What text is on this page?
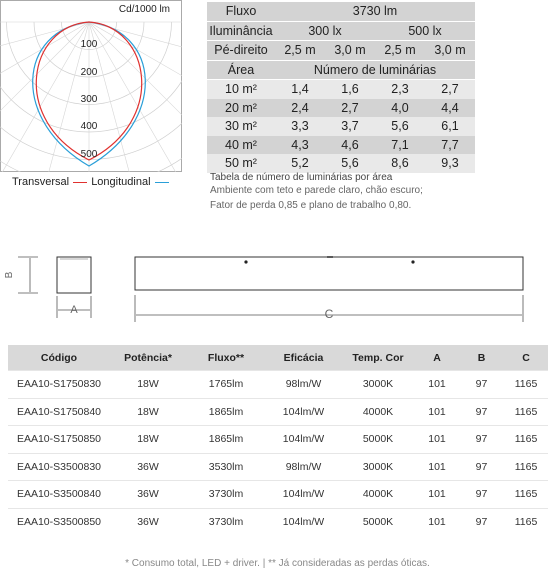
Cd/1000 lm
100
200
300
400
500
Transversal Longitudinal
Fluxo	3730 lm			
Iluminância	300 lx		500 lx	
Pé-direito	2,5 m	3,0 m	2,5 m	3,0 m
Área	Número de luminárias			
10 m²	1,4	1,6	2,3	2,7
20 m²	2,4	2,7	4,0	4,4
30 m²	3,3	3,7	5,6	6,1
40 m²	4,3	4,6	7,1	7,7
50 m²	5,2	5,6	8,6	9,3
Tabela de número de luminárias por área
Ambiente com teto e parede claro, chão escuro;
Fator de perda 0,85 e plano de trabalho 0,80.
B
A	C
Código	Potência*	Fluxo**	Eficácia	Temp. Cor	A	B	C
EAA10-S1750830	18W	1765lm	98lm/W	3000K	101	97	1165
EAA10-S1750840	18W	1865lm	104lm/W	4000K	101	97	1165
EAA10-S1750850	18W	1865lm	104lm/W	5000K	101	97	1165
EAA10-S3500830	36W	3530lm	98lm/W	3000K	101	97	1165
EAA10-S3500840	36W	3730lm	104lm/W	4000K	101	97	1165
EAA10-S3500850	36W	3730lm	104lm/W	5000K	101	97	1165
* Consumo total, LED + driver. | ** Já consideradas as perdas óticas.
